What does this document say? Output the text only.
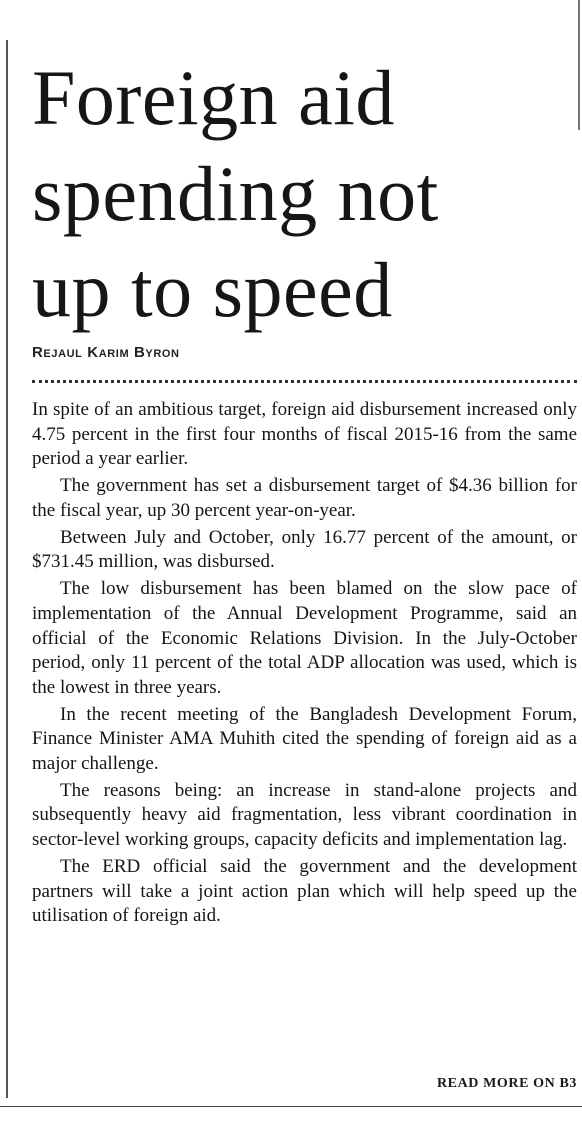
Foreign aid
spending not
up to speed

Rejaul Karim Byron

In spite of an ambitious target, foreign aid disbursement increased only 4.75 percent in the first four months of fiscal 2015-16 from the same period a year earlier.

The government has set a disbursement target of $4.36 billion for the fiscal year, up 30 percent year-on-year.

Between July and October, only 16.77 percent of the amount, or $731.45 million, was disbursed.

The low disbursement has been blamed on the slow pace of implementation of the Annual Development Programme, said an official of the Economic Relations Division. In the July-October period, only 11 percent of the total ADP allocation was used, which is the lowest in three years.

In the recent meeting of the Bangladesh Development Forum, Finance Minister AMA Muhith cited the spending of foreign aid as a major challenge.

The reasons being: an increase in stand-alone projects and subsequently heavy aid fragmentation, less vibrant coordination in sector-level working groups, capacity deficits and implementation lag.

The ERD official said the government and the development partners will take a joint action plan which will help speed up the utilisation of foreign aid.

READ MORE ON B3
